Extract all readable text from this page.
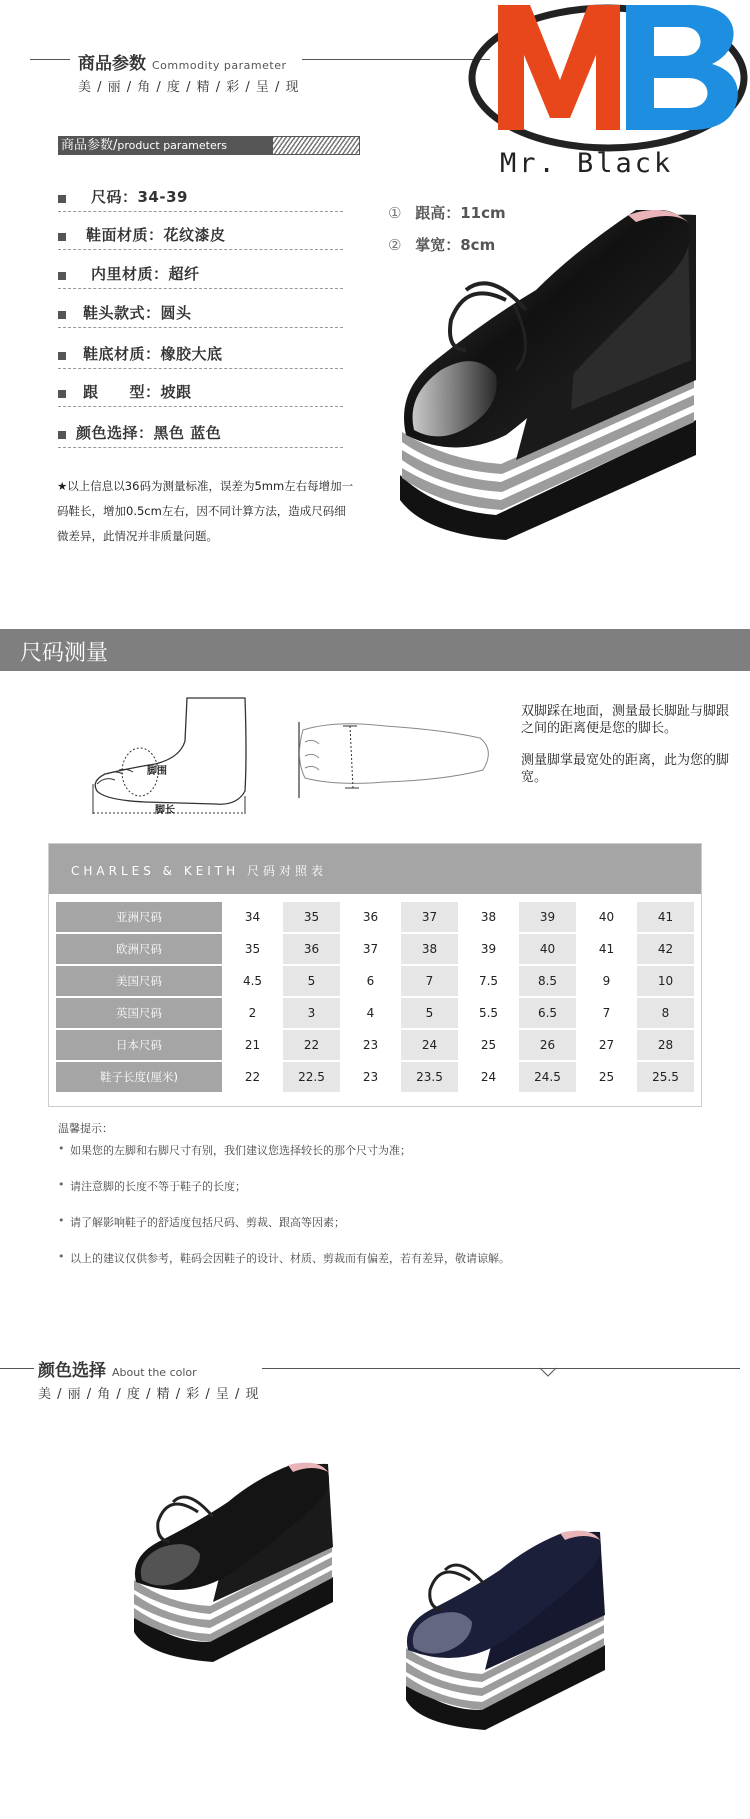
商品参数 Commodity parameter
美 / 丽 / 角 / 度 / 精 / 彩 / 呈 / 现
Mr. Black
商品参数/product parameters
尺码：34-39
鞋面材质：花纹漆皮
内里材质：超纤
鞋头款式：圆头
鞋底材质：橡胶大底
跟　　型：坡跟
颜色选择：黑色 蓝色
★以上信息以36码为测量标准，误差为5mm左右每增加一码鞋长，增加0.5cm左右，因不同计算方法，造成尺码细微差异，此情况并非质量问题。
① 跟高：11cm
② 掌宽：8cm
尺码测量
脚围
脚长
双脚踩在地面，测量最长脚趾与脚跟之间的距离便是您的脚长。
测量脚掌最宽处的距离，此为您的脚宽。
CHARLES & KEITH 尺码对照表
亚洲尺码	34	35	36	37	38	39	40	41
欧洲尺码	35	36	37	38	39	40	41	42
美国尺码	4.5	5	6	7	7.5	8.5	9	10
英国尺码	2	3	4	5	5.5	6.5	7	8
日本尺码	21	22	23	24	25	26	27	28
鞋子长度(厘米)	22	22.5	23	23.5	24	24.5	25	25.5
温馨提示：
• 如果您的左脚和右脚尺寸有别，我们建议您选择较长的那个尺寸为准；
• 请注意脚的长度不等于鞋子的长度；
• 请了解影响鞋子的舒适度包括尺码、剪裁、跟高等因素；
• 以上的建议仅供参考，鞋码会因鞋子的设计、材质、剪裁而有偏差，若有差异，敬请谅解。
颜色选择 About the color
美 / 丽 / 角 / 度 / 精 / 彩 / 呈 / 现
